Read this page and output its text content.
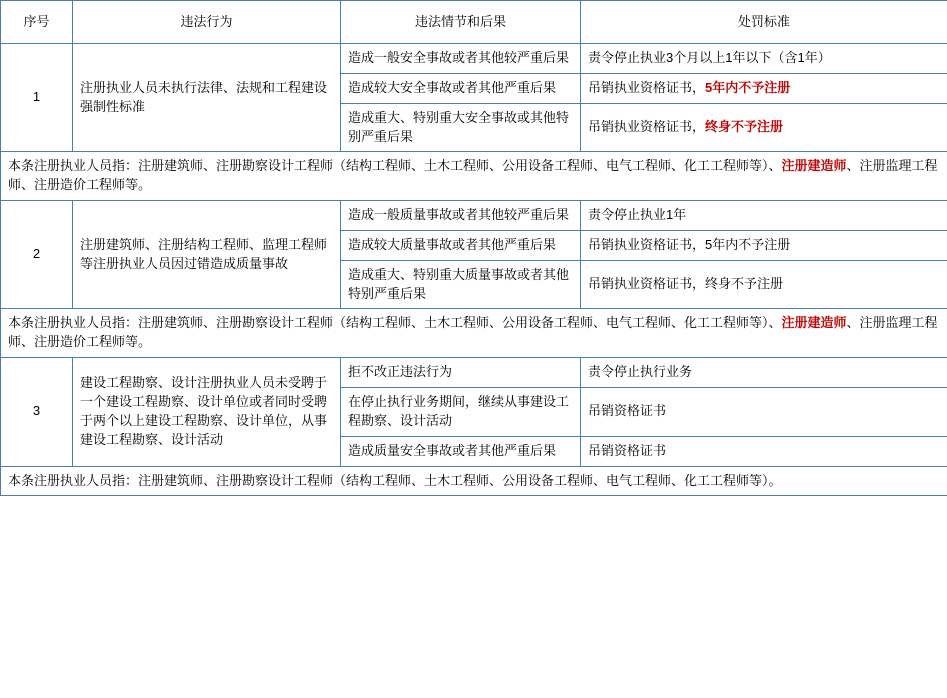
序号	违法行为	违法情节和后果	处罚标准
1	注册执业人员未执行法律、法规和工程建设强制性标准	造成一般安全事故或者其他较严重后果	责令停止执业3个月以上1年以下（含1年）
		造成较大安全事故或者其他严重后果	吊销执业资格证书，5年内不予注册
		造成重大、特别重大安全事故或其他特别严重后果	吊销执业资格证书，终身不予注册
本条注册执业人员指：注册建筑师、注册勘察设计工程师（结构工程师、土木工程师、公用设备工程师、电气工程师、化工工程师等）、注册建造师、注册监理工程师、注册造价工程师等。			
2	注册建筑师、注册结构工程师、监理工程师等注册执业人员因过错造成质量事故	造成一般质量事故或者其他较严重后果	责令停止执业1年
		造成较大质量事故或者其他严重后果	吊销执业资格证书，5年内不予注册
		造成重大、特别重大质量事故或者其他特别严重后果	吊销执业资格证书，终身不予注册
本条注册执业人员指：注册建筑师、注册勘察设计工程师（结构工程师、土木工程师、公用设备工程师、电气工程师、化工工程师等）、注册建造师、注册监理工程师、注册造价工程师等。			
3	建设工程勘察、设计注册执业人员未受聘于一个建设工程勘察、设计单位或者同时受聘于两个以上建设工程勘察、设计单位，从事建设工程勘察、设计活动	拒不改正违法行为	责令停止执行业务
		在停止执行业务期间，继续从事建设工程勘察、设计活动	吊销资格证书
		造成质量安全事故或者其他严重后果	吊销资格证书
本条注册执业人员指：注册建筑师、注册勘察设计工程师（结构工程师、土木工程师、公用设备工程师、电气工程师、化工工程师等）。			
